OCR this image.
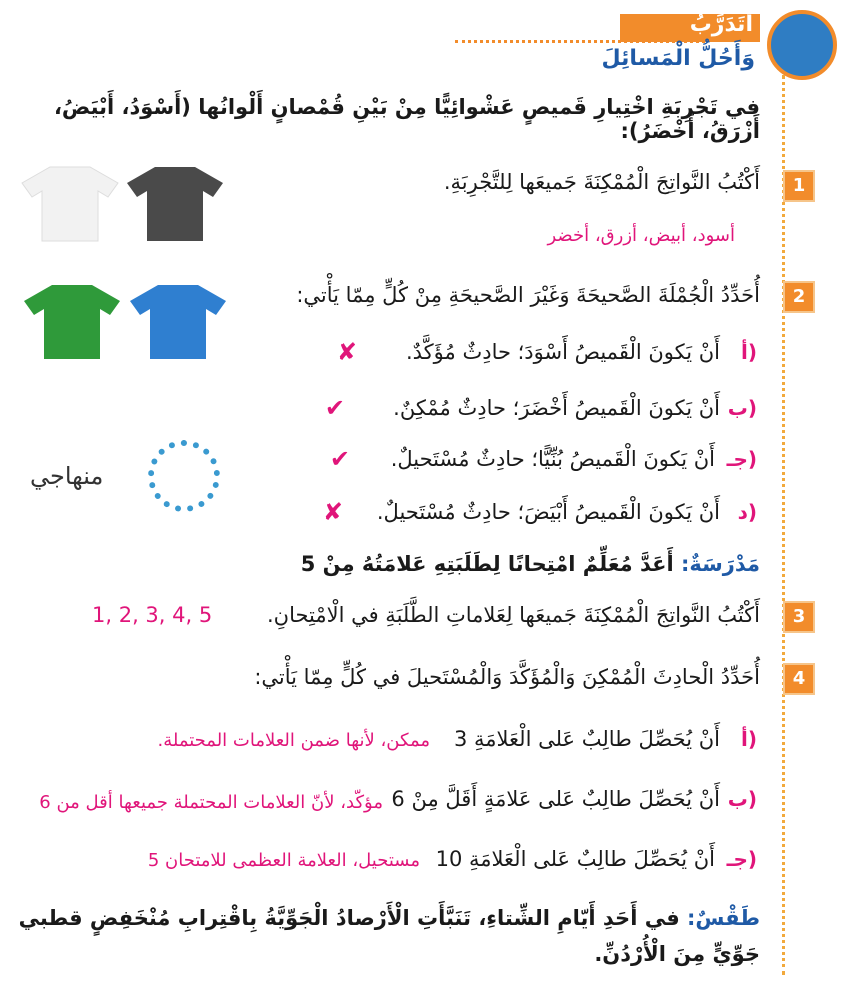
أَتَدَرَّبُ
وَأَحُلُّ الْمَسائِلَ
في تَجْرِبَةِ اخْتِيارِ قَميصٍ عَشْوائِيًّا مِنْ بَيْنِ قُمْصانٍ أَلْوانُها (أَسْوَدُ، أَبْيَضُ، أَزْرَقُ، أَخْضَرُ):
1
أَكْتُبُ النَّواتِجَ الْمُمْكِنَةَ جَميعَها لِلتَّجْرِبَةِ.
أسود، أبيض، أزرق، أخضر
2
أُحَدِّدُ الْجُمْلَةَ الصَّحيحَةَ وَغَيْرَ الصَّحيحَةِ مِنْ كُلٍّ مِمّا يَأْتي:
أ)
أَنْ يَكونَ الْقَميصُ أَسْوَدَ؛ حادِثٌ مُؤَكَّدٌ.
✘
ب)
أَنْ يَكونَ الْقَميصُ أَخْضَرَ؛ حادِثٌ مُمْكِنٌ.
✔
جـ)
أَنْ يَكونَ الْقَميصُ بُنِّيًّا؛ حادِثٌ مُسْتَحيلٌ.
✔
د)
أَنْ يَكونَ الْقَميصُ أَبْيَضَ؛ حادِثٌ مُسْتَحيلٌ.
✘
منهاجي
مَدْرَسَةٌ: أَعَدَّ مُعَلِّمٌ امْتِحانًا لِطَلَبَتِهِ عَلامَتُهُ مِنْ 5
3
أَكْتُبُ النَّواتِجَ الْمُمْكِنَةَ جَميعَها لِعَلاماتِ الطَّلَبَةِ في الْامْتِحانِ.
1, 2, 3, 4, 5
4
أُحَدِّدُ الْحادِثَ الْمُمْكِنَ وَالْمُؤَكَّدَ وَالْمُسْتَحيلَ في كُلٍّ مِمّا يَأْتي:
أ)
أَنْ يُحَصِّلَ طالِبٌ عَلى الْعَلامَةِ 3
ممكن، لأنها ضمن العلامات المحتملة.
ب)
أَنْ يُحَصِّلَ طالِبٌ عَلى عَلامَةٍ أَقَلَّ مِنْ 6
مؤكّد، لأنّ العلامات المحتملة جميعها أقل من 6
جـ)
أَنْ يُحَصِّلَ طالِبٌ عَلى الْعَلامَةِ 10
مستحيل، العلامة العظمى للامتحان 5
طَقْسٌ: في أَحَدِ أَيّامِ الشِّتاءِ، تَنَبَّأَتِ الْأَرْصادُ الْجَوِّيَّةُ بِاقْتِرابِ مُنْخَفِضٍ قطبي جَوِّيٍّ مِنَ الْأُرْدُنِّ.
